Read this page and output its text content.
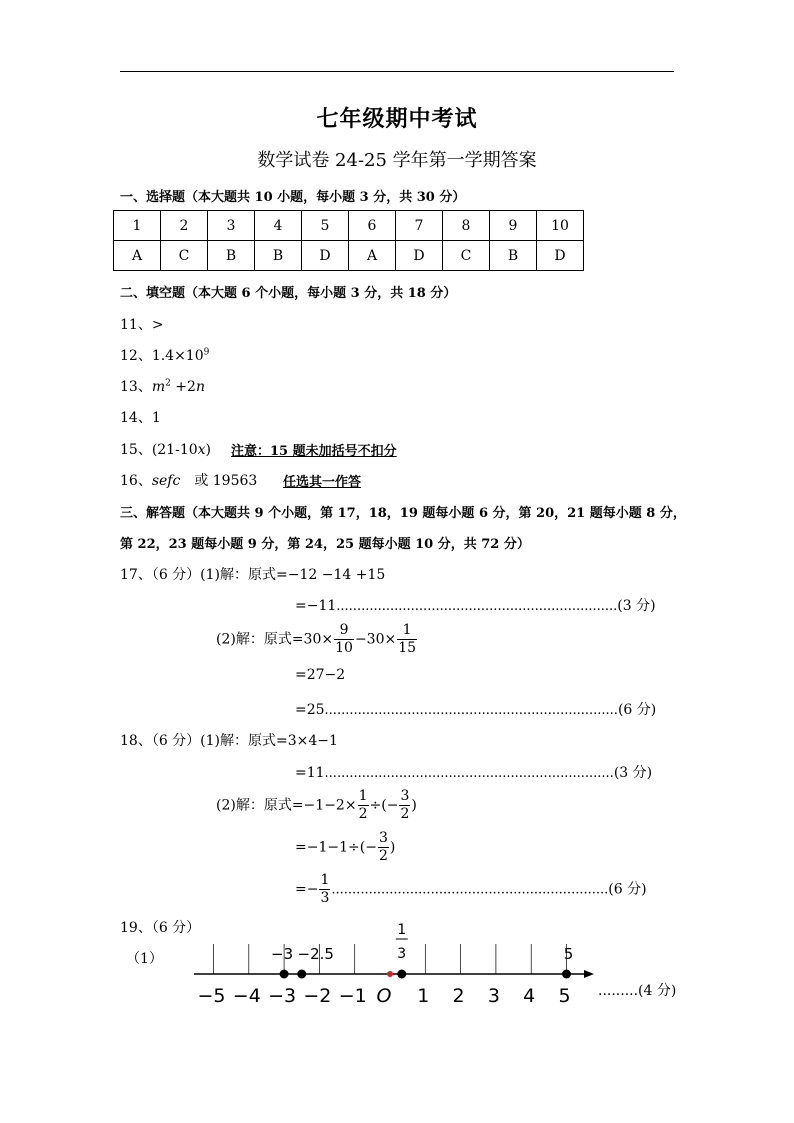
七年级期中考试
数学试卷 24-25 学年第一学期答案
一、选择题（本大题共 10 小题，每小题 3 分，共 30 分）
1	2	3	4	5	6	7	8	9	10
A	C	B	B	D	A	D	C	B	D
二、填空题（本大题 6 个小题，每小题 3 分，共 18 分）
11、>
12、$1.4\times 10^9$
13、$m^2 +2n$
14、1
15、(21-10x) 注意：15 题未加括号不扣分
16、sefc 或 19563 任选其一作答
三、解答题（本大题共 9 个小题，第 17，18，19 题每小题 6 分，第 20，21 题每小题 8 分，
第 22，23 题每小题 9 分，第 24，25 题每小题 10 分，共 72 分）
17、（6 分）(1)解：原式=−12 −14 +15
=−11....................................................................(3 分)
(2)解：原式$=30\times \frac{9}{10} -30\times \frac{1}{15}$
=27−2
=25.......................................................................(6 分)
18、（6 分）(1)解：原式=3×4−1
=11......................................................................(3 分)
(2)解：原式$=-1-2\times \frac{1}{2}$ ÷(− $\frac{3}{2}$ )
$=-1-1\div(- \frac{3}{2}$ )
=− $\frac{1}{3} ...................................................................(6$ 分)
19、（6 分）
（1）
−5 −4 −3 −2 −1 O 1 2 3 4 5
−3 −2.5	5
1
3
.........(4 分)
